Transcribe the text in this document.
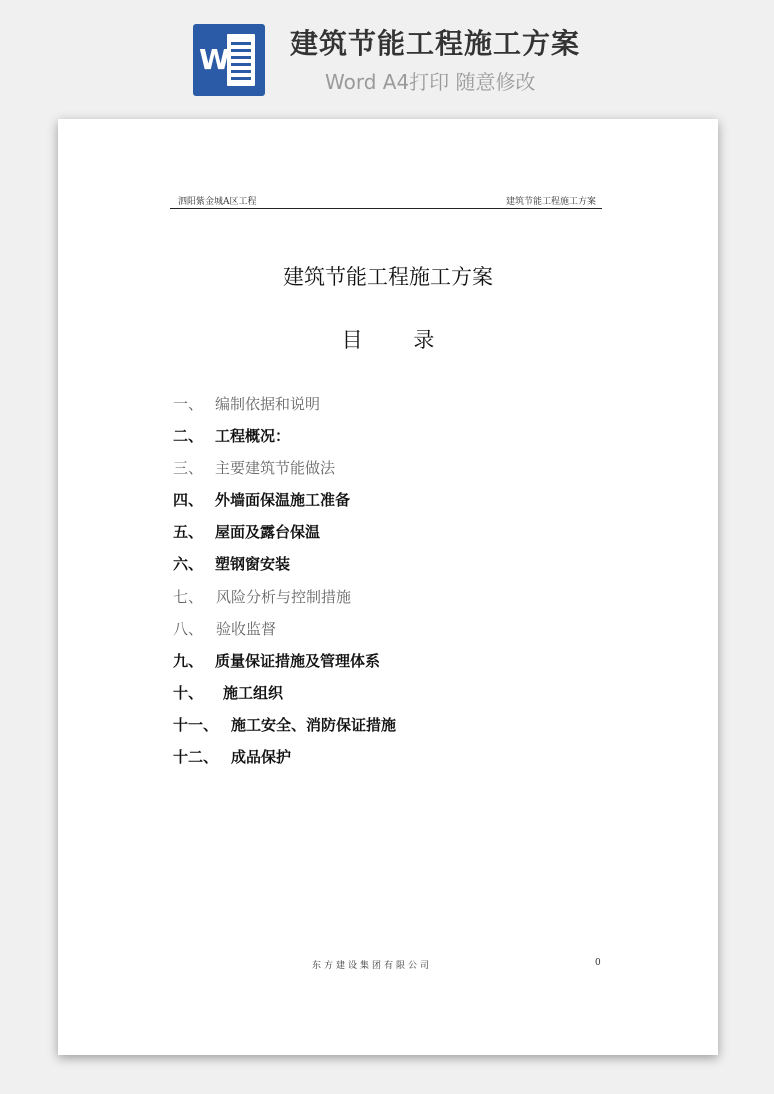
W 建筑节能工程施工方案
Word A4打印 随意修改
泗阳紫金城A区工程	建筑节能工程施工方案
建筑节能工程施工方案
目 录
一、 编制依据和说明
二、 工程概况：
三、 主要建筑节能做法
四、 外墙面保温施工准备
五、 屋面及露台保温
六、 塑钢窗安装
七、 风险分析与控制措施
八、 验收监督
九、 质量保证措施及管理体系
十、 施工组织
十一、 施工安全、消防保证措施
十二、 成品保护
东方建设集团有限公司	0
